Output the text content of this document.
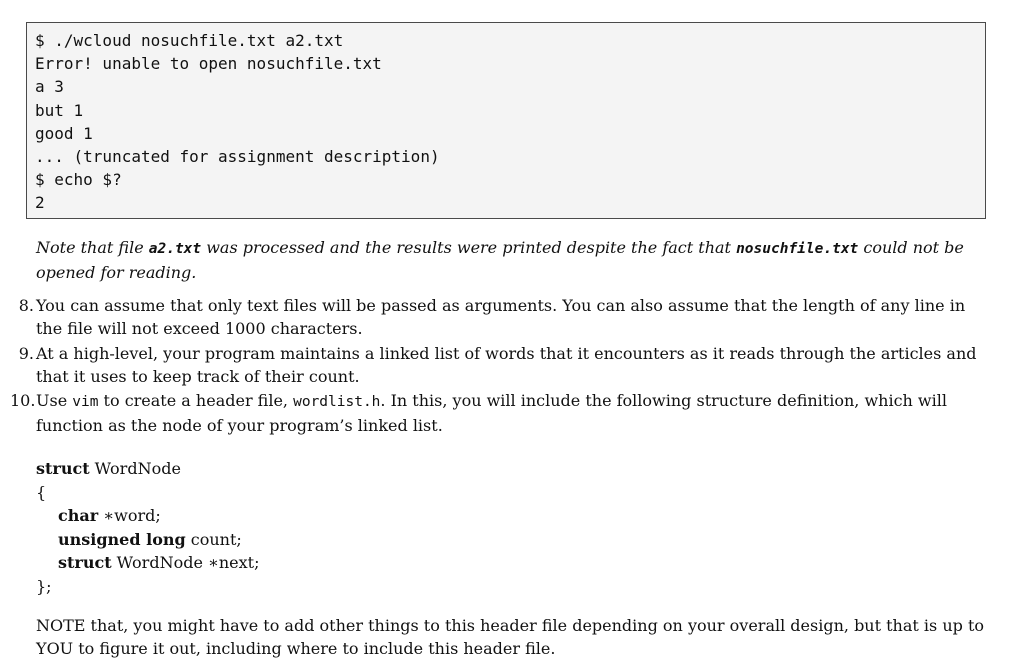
$ ./wcloud nosuchfile.txt a2.txt
Error! unable to open nosuchfile.txt
a 3
but 1
good 1
... (truncated for assignment description)
$ echo $?
2
Note that file a2.txt was processed and the results were printed despite the fact that nosuchfile.txt could not be opened for reading.
8. You can assume that only text files will be passed as arguments. You can also assume that the length of any line in the file will not exceed 1000 characters.
9. At a high-level, your program maintains a linked list of words that it encounters as it reads through the articles and that it uses to keep track of their count.
10. Use vim to create a header file, wordlist.h. In this, you will include the following structure definition, which will function as the node of your program’s linked list.
struct WordNode
{
char ∗word;
unsigned long count;
struct WordNode ∗next;
};
NOTE that, you might have to add other things to this header file depending on your overall design, but that is up to YOU to figure it out, including where to include this header file.
